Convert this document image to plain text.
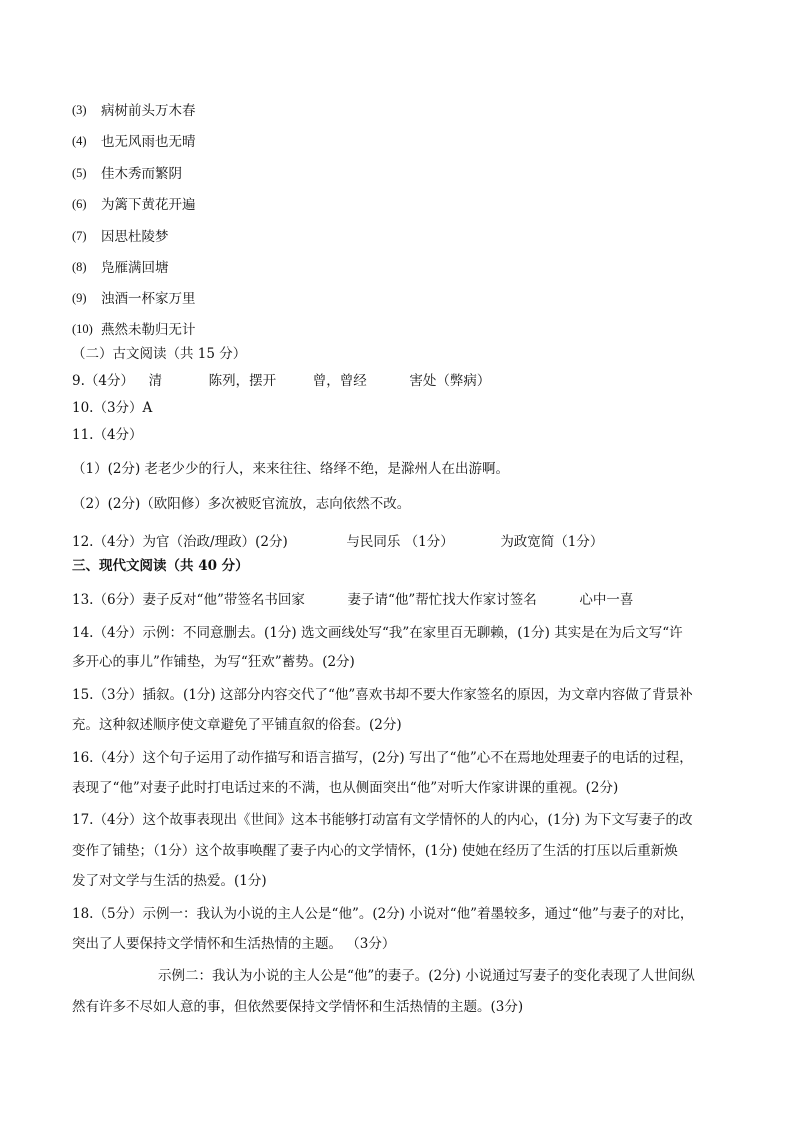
(3) 病树前头万木春
(4) 也无风雨也无晴
(5) 佳木秀而繁阴
(6) 为篱下黄花开遍
(7) 因思杜陵梦
(8) 凫雁满回塘
(9) 浊酒一杯家万里
(10) 燕然未勒归无计
（二）古文阅读（共 15 分）
9.（4分） 清	陈列，摆开	曾，曾经	害处（弊病）
10.（3分）A
11.（4分）
（1）(2分) 老老少少的行人，来来往往、络绎不绝，是滁州人在出游啊。
（2）(2分)（欧阳修）多次被贬官流放，志向依然不改。
12.（4分）为官（治政/理政）(2分)	与民同乐 （1分）	为政宽简（1分）
三、现代文阅读（共 40 分）
13.（6分）妻子反对“他”带签名书回家	妻子请“他”帮忙找大作家讨签名	心中一喜
14.（4分）示例：不同意删去。(1分) 选文画线处写“我”在家里百无聊赖，(1分) 其实是在为后文写“许
多开心的事儿”作铺垫，为写“狂欢”蓄势。(2分)
15.（3分）插叙。(1分) 这部分内容交代了“他”喜欢书却不要大作家签名的原因，为文章内容做了背景补
充。这种叙述顺序使文章避免了平铺直叙的俗套。(2分)
16.（4分）这个句子运用了动作描写和语言描写，(2分) 写出了“他”心不在焉地处理妻子的电话的过程，
表现了“他”对妻子此时打电话过来的不满，也从侧面突出“他”对听大作家讲课的重视。(2分)
17.（4分）这个故事表现出《世间》这本书能够打动富有文学情怀的人的内心，(1分) 为下文写妻子的改
变作了铺垫；（1分）这个故事唤醒了妻子内心的文学情怀，(1分) 使她在经历了生活的打压以后重新焕
发了对文学与生活的热爱。(1分)
18.（5分）示例一：我认为小说的主人公是“他”。(2分) 小说对“他”着墨较多，通过“他”与妻子的对比，
突出了人要保持文学情怀和生活热情的主题。 （3分）
示例二：我认为小说的主人公是“他”的妻子。(2分) 小说通过写妻子的变化表现了人世间纵
然有许多不尽如人意的事，但依然要保持文学情怀和生活热情的主题。(3分)
